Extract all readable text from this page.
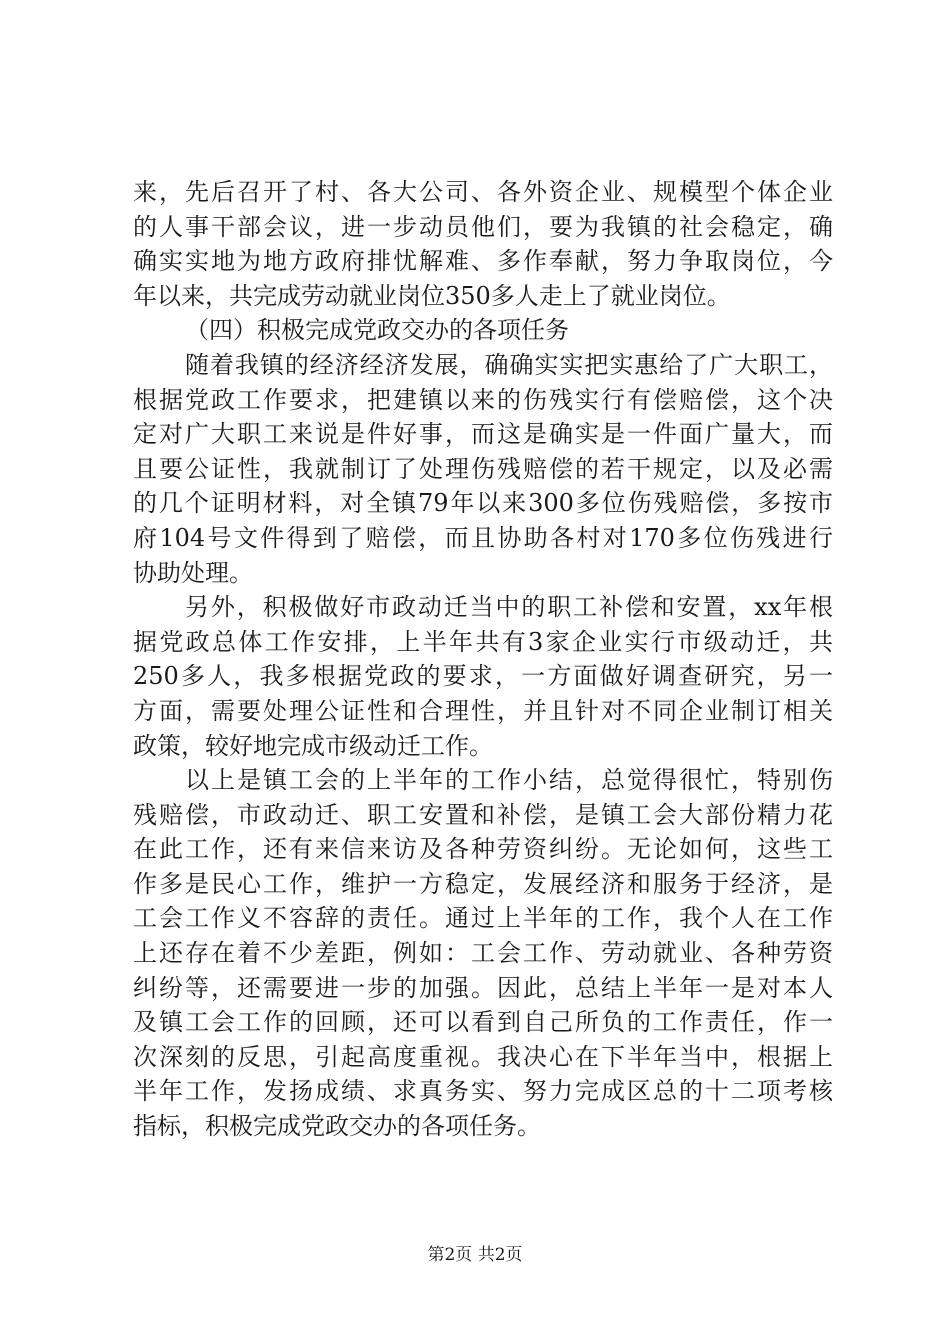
来，先后召开了村、各大公司、各外资企业、规模型个体企业
的人事干部会议，进一步动员他们，要为我镇的社会稳定，确
确实实地为地方政府排忧解难、多作奉献，努力争取岗位，今
年以来，共完成劳动就业岗位350多人走上了就业岗位。
（四）积极完成党政交办的各项任务
随着我镇的经济经济发展，确确实实把实惠给了广大职工，
根据党政工作要求，把建镇以来的伤残实行有偿赔偿，这个决
定对广大职工来说是件好事，而这是确实是一件面广量大，而
且要公证性，我就制订了处理伤残赔偿的若干规定，以及必需
的几个证明材料，对全镇79年以来300多位伤残赔偿，多按市
府104号文件得到了赔偿，而且协助各村对170多位伤残进行
协助处理。
另外，积极做好市政动迁当中的职工补偿和安置，xx年根
据党政总体工作安排，上半年共有3家企业实行市级动迁，共
250多人，我多根据党政的要求，一方面做好调查研究，另一
方面，需要处理公证性和合理性，并且针对不同企业制订相关
政策，较好地完成市级动迁工作。
以上是镇工会的上半年的工作小结，总觉得很忙，特别伤
残赔偿，市政动迁、职工安置和补偿，是镇工会大部份精力花
在此工作，还有来信来访及各种劳资纠纷。无论如何，这些工
作多是民心工作，维护一方稳定，发展经济和服务于经济，是
工会工作义不容辞的责任。通过上半年的工作，我个人在工作
上还存在着不少差距，例如：工会工作、劳动就业、各种劳资
纠纷等，还需要进一步的加强。因此，总结上半年一是对本人
及镇工会工作的回顾，还可以看到自己所负的工作责任，作一
次深刻的反思，引起高度重视。我决心在下半年当中，根据上
半年工作，发扬成绩、求真务实、努力完成区总的十二项考核
指标，积极完成党政交办的各项任务。
第2页 共2页
